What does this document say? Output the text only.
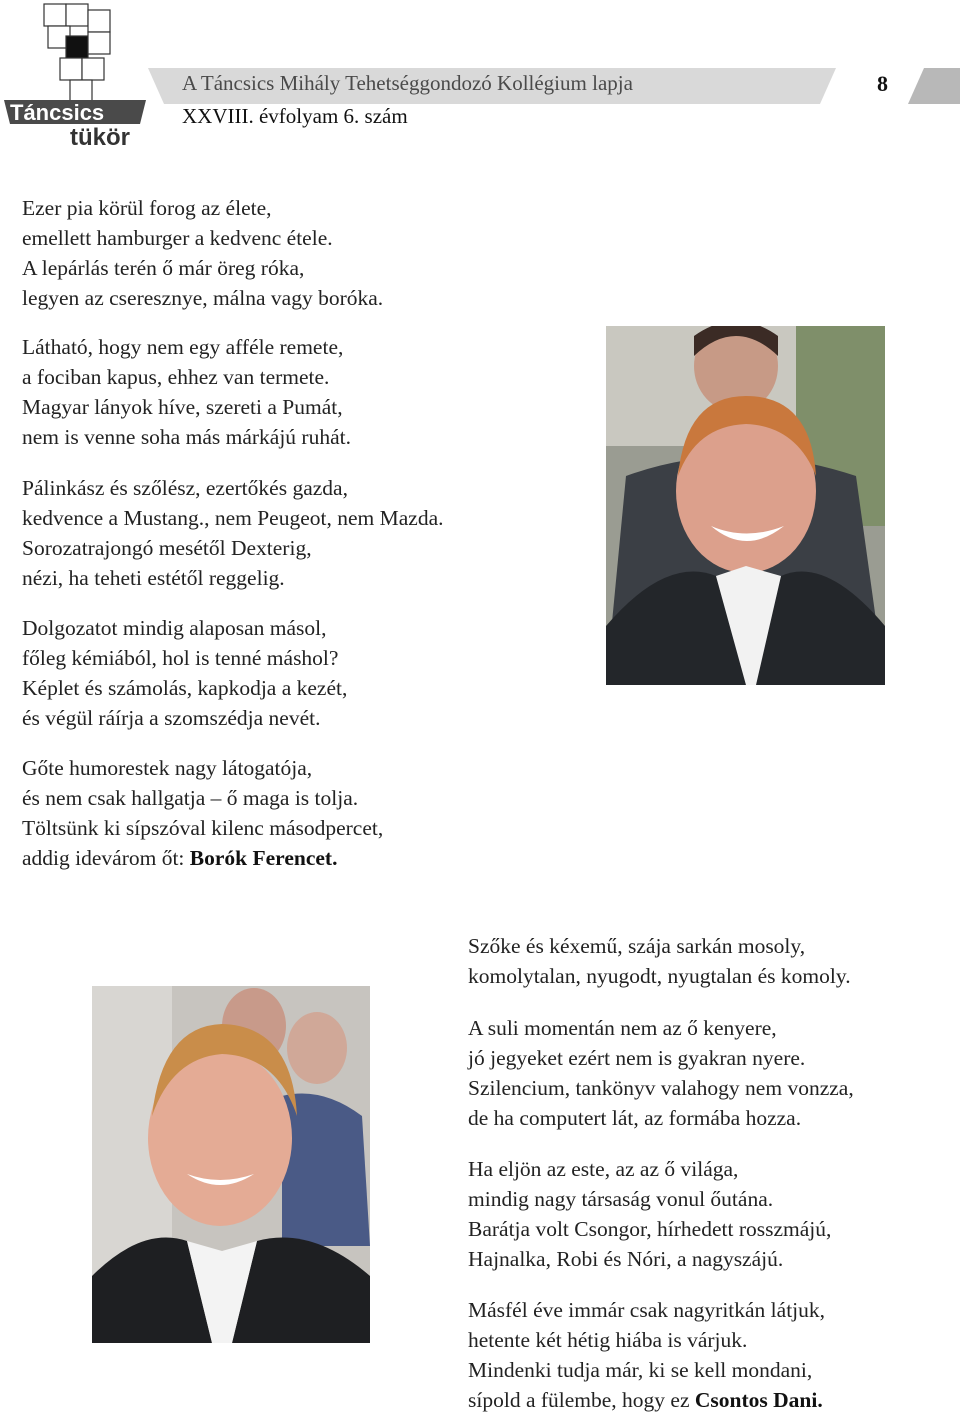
Táncsics
tükör
A Táncsics Mihály Tehetséggondozó Kollégium lapja
XXVIII. évfolyam 6. szám
8
Ezer pia körül forog az élete,
emellett hamburger a kedvenc étele.
A lepárlás terén ő már öreg róka,
legyen az cseresznye, málna vagy boróka.
Látható, hogy nem egy afféle remete,
a fociban kapus, ehhez van termete.
Magyar lányok híve, szereti a Pumát,
nem is venne soha más márkájú ruhát.
Pálinkász és szőlész, ezertőkés gazda,
kedvence a Mustang., nem Peugeot, nem Mazda.
Sorozatrajongó mesétől Dexterig,
nézi, ha teheti estétől reggelig.
Dolgozatot mindig alaposan másol,
főleg kémiából, hol is tenné máshol?
Képlet és számolás, kapkodja a kezét,
és végül ráírja a szomszédja nevét.
Gőte humorestek nagy látogatója,
és nem csak hallgatja – ő maga is tolja.
Töltsünk ki sípszóval kilenc másodpercet,
addig idevárom őt: Borók Ferencet.
Szőke és kéxemű, szája sarkán mosoly,
komolytalan, nyugodt, nyugtalan és komoly.
A suli momentán nem az ő kenyere,
jó jegyeket ezért nem is gyakran nyere.
Szilencium, tankönyv valahogy nem vonzza,
de ha computert lát, az formába hozza.
Ha eljön az este, az az ő világa,
mindig nagy társaság vonul őutána.
Barátja volt Csongor, hírhedett rosszmájú,
Hajnalka, Robi és Nóri, a nagyszájú.
Másfél éve immár csak nagyritkán látjuk,
hetente két hétig hiába is várjuk.
Mindenki tudja már, ki se kell mondani,
sípold a fülembe, hogy ez Csontos Dani.
